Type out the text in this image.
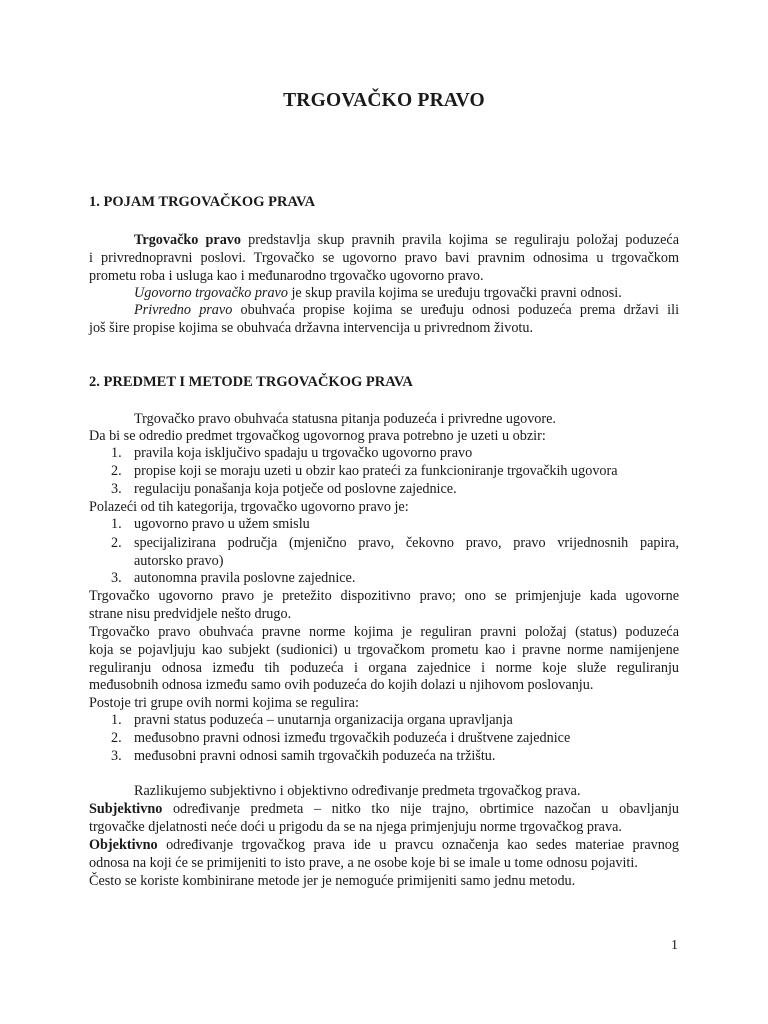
TRGOVAČKO PRAVO
1. POJAM TRGOVAČKOG PRAVA
Trgovačko pravo predstavlja skup pravnih pravila kojima se reguliraju položaj poduzeća
i privrednopravni poslovi. Trgovačko se ugovorno pravo bavi pravnim odnosima u trgovačkom
prometu roba i usluga kao i međunarodno trgovačko ugovorno pravo.
Ugovorno trgovačko pravo je skup pravila kojima se uređuju trgovački pravni odnosi.
Privredno pravo obuhvaća propise kojima se uređuju odnosi poduzeća prema državi ili
još šire propise kojima se obuhvaća državna intervencija u privrednom životu.
2. PREDMET I METODE TRGOVAČKOG PRAVA
Trgovačko pravo obuhvaća statusna pitanja poduzeća i privredne ugovore.
Da bi se odredio predmet trgovačkog ugovornog prava potrebno je uzeti u obzir:
1. pravila koja isključivo spadaju u trgovačko ugovorno pravo
2. propise koji se moraju uzeti u obzir kao prateći za funkcioniranje trgovačkih ugovora
3. regulaciju ponašanja koja potječe od poslovne zajednice.
Polazeći od tih kategorija, trgovačko ugovorno pravo je:
1. ugovorno pravo u užem smislu
2. specijalizirana područja (mjenično pravo, čekovno pravo, pravo vrijednosnih papira,
autorsko pravo)
3. autonomna pravila poslovne zajednice.
Trgovačko ugovorno pravo je pretežito dispozitivno pravo; ono se primjenjuje kada ugovorne
strane nisu predvidjele nešto drugo.
Trgovačko pravo obuhvaća pravne norme kojima je reguliran pravni položaj (status) poduzeća
koja se pojavljuju kao subjekt (sudionici) u trgovačkom prometu kao i pravne norme namijenjene
reguliranju odnosa između tih poduzeća i organa zajednice i norme koje služe reguliranju
međusobnih odnosa između samo ovih poduzeća do kojih dolazi u njihovom poslovanju.
Postoje tri grupe ovih normi kojima se regulira:
1. pravni status poduzeća – unutarnja organizacija organa upravljanja
2. međusobno pravni odnosi između trgovačkih poduzeća i društvene zajednice
3. međusobni pravni odnosi samih trgovačkih poduzeća na tržištu.
Razlikujemo subjektivno i objektivno određivanje predmeta trgovačkog prava.
Subjektivno određivanje predmeta – nitko tko nije trajno, obrtimice nazočan u obavljanju
trgovačke djelatnosti neće doći u prigodu da se na njega primjenjuju norme trgovačkog prava.
Objektivno određivanje trgovačkog prava ide u pravcu označenja kao sedes materiae pravnog
odnosa na koji će se primijeniti to isto prave, a ne osobe koje bi se imale u tome odnosu pojaviti.
Često se koriste kombinirane metode jer je nemoguće primijeniti samo jednu metodu.
1
